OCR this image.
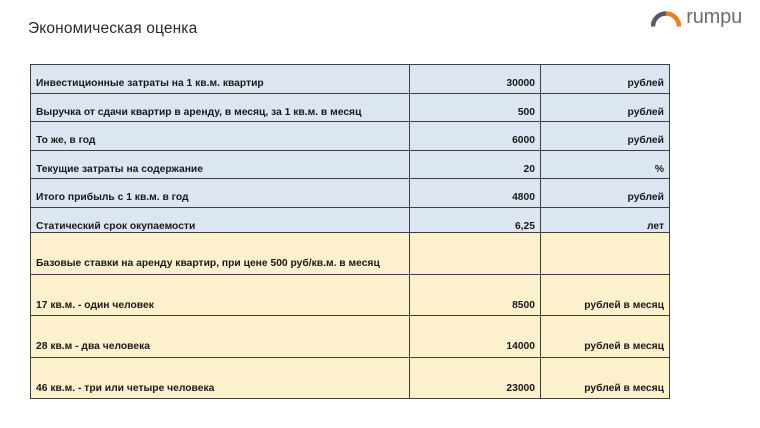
Экономическая оценка
rumpu
Инвестиционные затраты на 1 кв.м. квартир	30000	рублей
Выручка от сдачи квартир в аренду, в месяц, за 1 кв.м. в месяц	500	рублей
То же, в год	6000	рублей
Текущие затраты на содержание	20	%
Итого прибыль с 1 кв.м. в год	4800	рублей
Статический срок окупаемости	6,25	лет
Базовые ставки на аренду квартир, при цене 500 руб/кв.м. в месяц		
17 кв.м. - один человек	8500	рублей в месяц
28 кв.м - два человека	14000	рублей в месяц
46 кв.м. - три или четыре человека	23000	рублей в месяц
